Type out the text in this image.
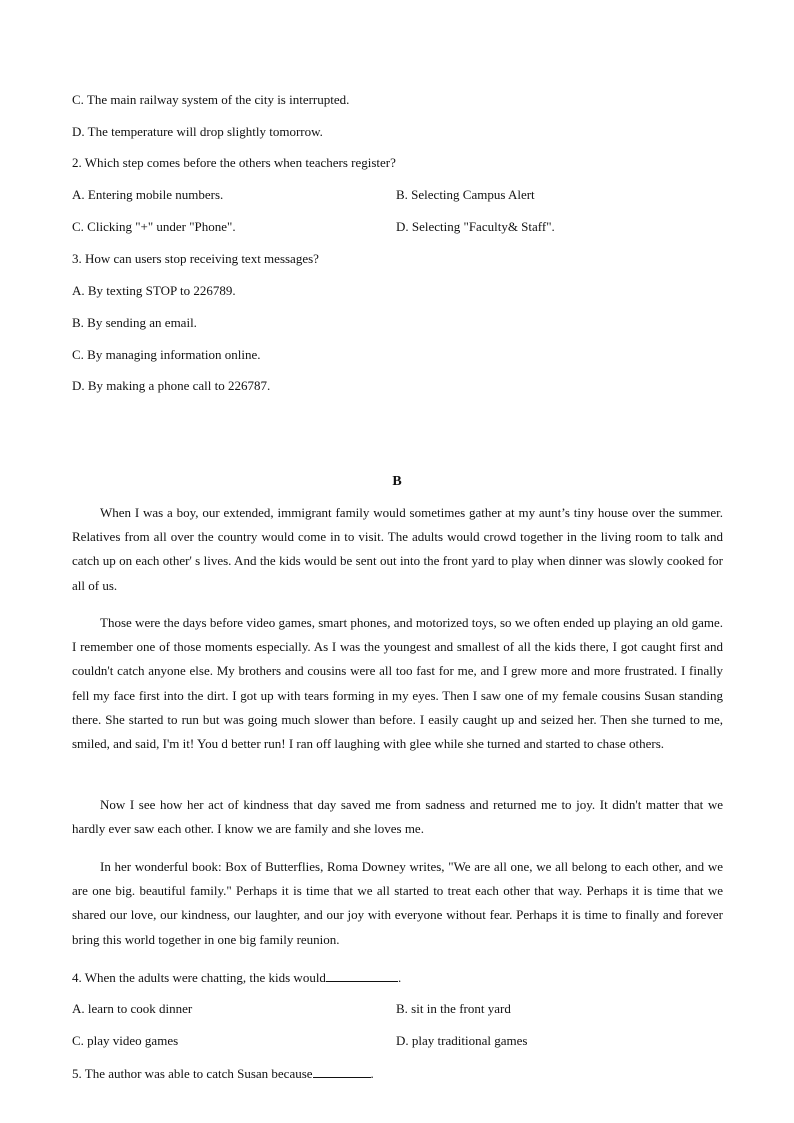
C. The main railway system of the city is interrupted.
D. The temperature will drop slightly tomorrow.
2. Which step comes before the others when teachers register?
A. Entering mobile numbers.	B. Selecting Campus Alert
C. Clicking "+" under "Phone".	D. Selecting "Faculty& Staff".
3. How can users stop receiving text messages?
A. By texting STOP to 226789.
B. By sending an email.
C. By managing information online.
D. By making a phone call to 226787.
B

When I was a boy, our extended, immigrant family would sometimes gather at my aunt’s tiny house over the summer. Relatives from all over the country would come in to visit. The adults would crowd together in the living room to talk and catch up on each other' s lives. And the kids would be sent out into the front yard to play when dinner was slowly cooked for all of us.

Those were the days before video games, smart phones, and motorized toys, so we often ended up playing an old game. I remember one of those moments especially. As I was the youngest and smallest of all the kids there, I got caught first and couldn't catch anyone else. My brothers and cousins were all too fast for me, and I grew more and more frustrated. I finally fell my face first into the dirt. I got up with tears forming in my eyes. Then I saw one of my female cousins Susan standing there. She started to run but was going much slower than before. I easily caught up and seized her. Then she turned to me, smiled, and said, I'm it! You d better run! I ran off laughing with glee while she turned and started to chase others.

Now I see how her act of kindness that day saved me from sadness and returned me to joy. It didn't matter that we hardly ever saw each other. I know we are family and she loves me.

In her wonderful book: Box of Butterflies, Roma Downey writes, "We are all one, we all belong to each other, and we are one big. beautiful family." Perhaps it is time that we all started to treat each other that way. Perhaps it is time that we shared our love, our kindness, our laughter, and our joy with everyone without fear. Perhaps it is time to finally and forever bring this world together in one big family reunion.

4. When the adults were chatting, the kids would	.
A. learn to cook dinner	B. sit in the front yard
C. play video games	D. play traditional games
5. The author was able to catch Susan because	.
